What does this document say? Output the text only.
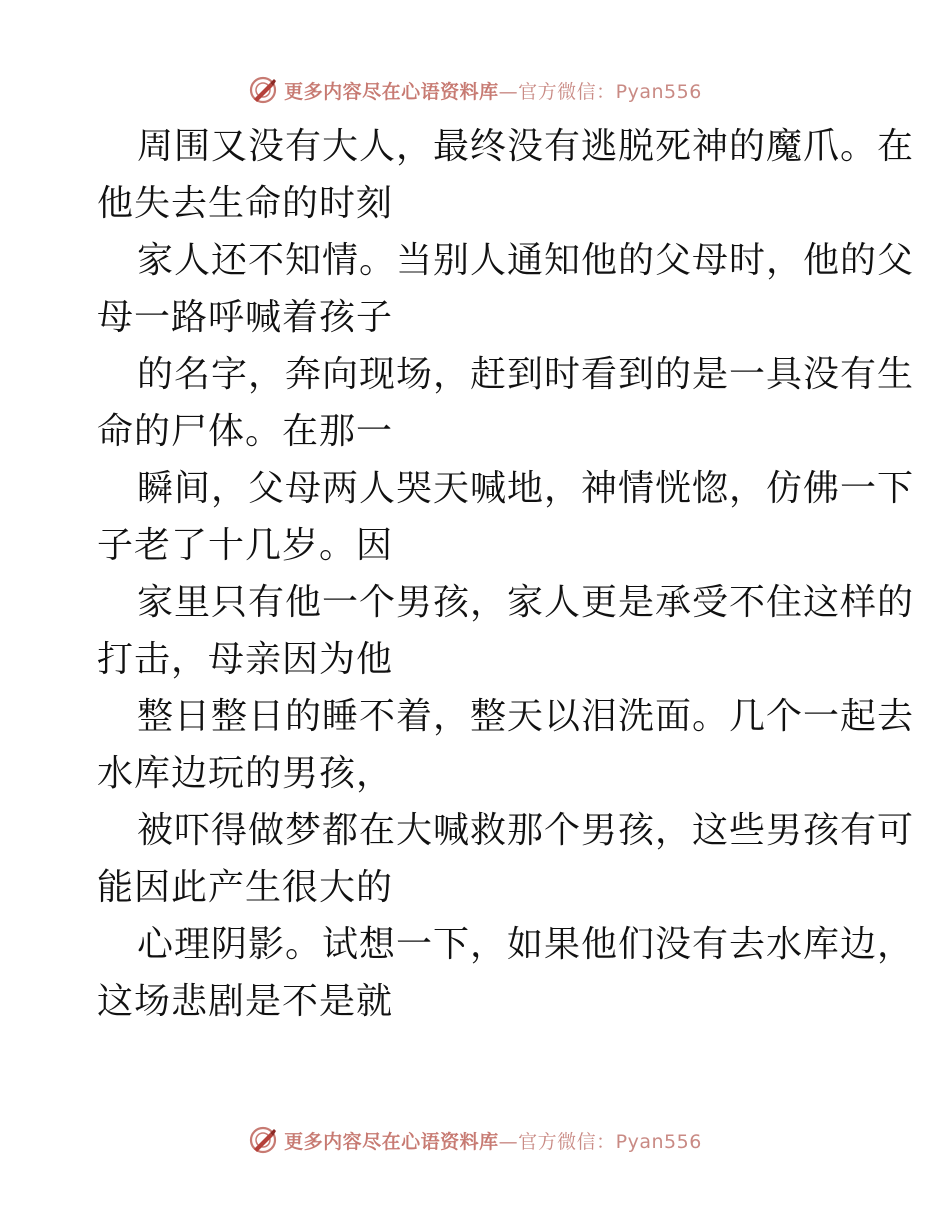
更多内容尽在心语资料库—官方微信：Pyan556
周围又没有大人，最终没有逃脱死神的魔爪。在
他失去生命的时刻
家人还不知情。当别人通知他的父母时，他的父
母一路呼喊着孩子
的名字，奔向现场，赶到时看到的是一具没有生
命的尸体。在那一
瞬间，父母两人哭天喊地，神情恍惚，仿佛一下
子老了十几岁。因
家里只有他一个男孩，家人更是承受不住这样的
打击，母亲因为他
整日整日的睡不着，整天以泪洗面。几个一起去
水库边玩的男孩，
被吓得做梦都在大喊救那个男孩，这些男孩有可
能因此产生很大的
心理阴影。试想一下，如果他们没有去水库边，
这场悲剧是不是就
更多内容尽在心语资料库—官方微信：Pyan556
